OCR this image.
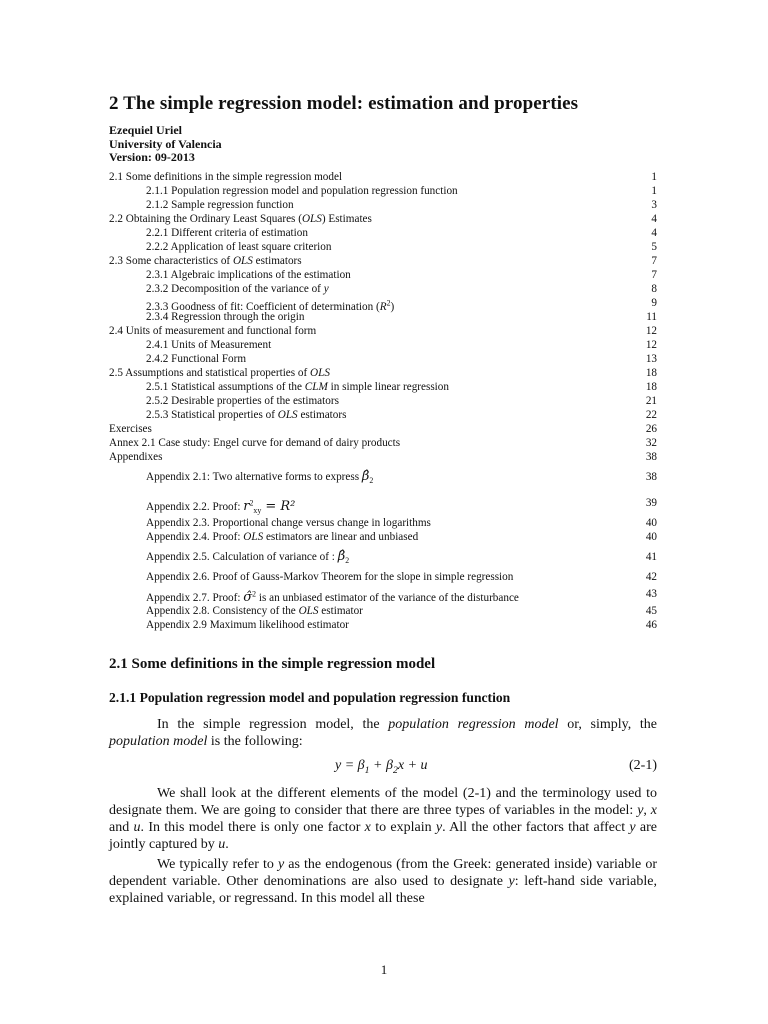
2 The simple regression model: estimation and properties
Ezequiel Uriel
University of Valencia
Version: 09-2013
2.1 Some definitions in the simple regression model	1
2.1.1 Population regression model and population regression function	1
2.1.2 Sample regression function	3
2.2 Obtaining the Ordinary Least Squares (OLS) Estimates	4
2.2.1 Different criteria of estimation	4
2.2.2 Application of least square criterion	5
2.3 Some characteristics of OLS estimators	7
2.3.1 Algebraic implications of the estimation	7
2.3.2 Decomposition of the variance of y	8
2.3.3 Goodness of fit: Coefficient of determination $(R^2)$	9
2.3.4 Regression through the origin	11
2.4 Units of measurement and functional form	12
2.4.1 Units of Measurement	12
2.4.2 Functional Form	13
2.5 Assumptions and statistical properties of OLS	18
2.5.1 Statistical assumptions of the CLM in simple linear regression	18
2.5.2 Desirable properties of the estimators	21
2.5.3 Statistical properties of OLS estimators	22
Exercises	26
Annex 2.1 Case study: Engel curve for demand of dairy products	32
Appendixes	38
Appendix 2.1: Two alternative forms to express $\betâ_2$	38
Appendix 2.2. Proof: $r^2_{xy} = R^2$	39
Appendix 2.3. Proportional change versus change in logarithms	40
Appendix 2.4. Proof: OLS estimators are linear and unbiased	40
Appendix 2.5. Calculation of variance of : $\betâ_2$	41
Appendix 2.6. Proof of Gauss-Markov Theorem for the slope in simple regression	42
Appendix 2.7. Proof: σ̂$^2$ is an unbiased estimator of the variance of the disturbance	43
Appendix 2.8. Consistency of the OLS estimator	45
Appendix 2.9 Maximum likelihood estimator	46
2.1 Some definitions in the simple regression model
2.1.1 Population regression model and population regression function

In the simple regression model, the population regression model or, simply, the population model is the following:

$y = \beta_1 + \beta_2x + u$	(2-1)

We shall look at the different elements of the model (2-1) and the terminology used to designate them. We are going to consider that there are three types of variables in the model: y, x and u. In this model there is only one factor x to explain y. All the other factors that affect y are jointly captured by u.

We typically refer to y as the endogenous (from the Greek: generated inside) variable or dependent variable. Other denominations are also used to designate y: left-hand side variable, explained variable, or regressand. In this model all these

1
